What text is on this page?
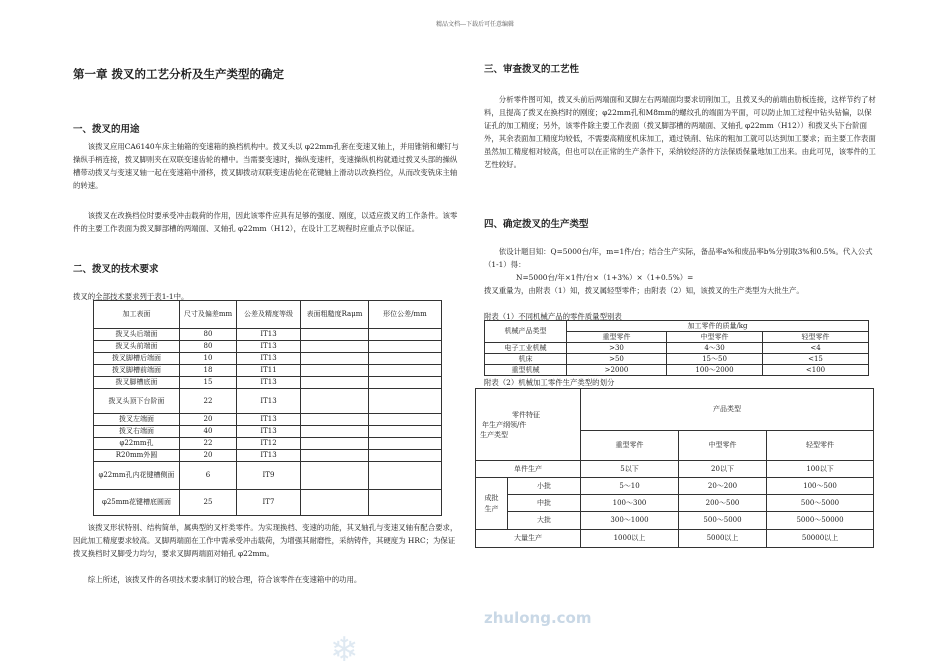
精品文档---下载后可任意编辑
第一章 拨叉的工艺分析及生产类型的确定
一、拨叉的用途
该拨叉应用CA6140车床主轴箱的变速箱的换档机构中。拨叉头以 φ22mm孔套在变速叉轴上，并用锥销和螺钉与操纵手柄连接，拨叉脚则夹在双联变速齿轮的槽中。当需要变速时，操纵变速杆，变速操纵机构就通过拨叉头部的操纵槽带动拨叉与变速叉轴一起在变速箱中滑移，拨叉脚拨动双联变速齿轮在花键轴上滑动以改换档位，从而改变铣床主轴的转速。
该拨叉在改换档位时要承受冲击载荷的作用，因此该零件应具有足够的强度、刚度，以适应拨叉的工作条件。该零件的主要工作表面为拨叉脚部槽的两端面、叉轴孔 φ22mm（H12），在设计工艺规程时应重点予以保证。
二、拨叉的技术要求
拨叉的全部技术要求列于表1-1中。
加工表面	尺寸及偏差mm	公差及精度等级	表面粗糙度Raμm	形位公差/mm
拨叉头后端面	80	IT13		
拨叉头前端面	80	IT13		
拨叉脚槽后端面	10	IT13		
拨叉脚槽前端面	18	IT11		
拨叉脚槽底面	15	IT13		
拨叉头顶下台阶面	22	IT13		
拨叉左端面	20	IT13		
拨叉右端面	40	IT13		
φ22mm孔	22	IT12		
R20mm外圆	20	IT13		
φ22mm孔内花键槽侧面	6	IT9		
φ25mm花键槽底圆面	25	IT7		
该拨叉形状特别、结构简单，属典型的叉杆类零件。为实现换档、变速的功能，其叉轴孔与变速叉轴有配合要求，因此加工精度要求较高。叉脚两端面在工作中需承受冲击载荷，为增强其耐磨性，采纳铸件，其硬度为 HRC；为保证拨叉换档时叉脚受力均匀，要求叉脚两端面对轴孔 φ22mm。
综上所述，该拨叉件的各项技术要求制订的较合理，符合该零件在变速箱中的功用。
三、审查拨叉的工艺性
分析零件图可知，拨叉头前后两端面和叉脚左右两端面均要求切削加工，且拨叉头的前端由肋板连接，这样节约了材料，且提高了拨叉在换档时的刚度；φ22mm孔和M8mm的螺纹孔的端面为平面，可以防止加工过程中钻头钻偏，以保证孔的加工精度；另外，该零件除主要工作表面（拨叉脚部槽的两端面、叉轴孔 φ22mm（H12））和拨叉头下台阶面外，其余表面加工精度均较低，不需要高精度机床加工，通过铣削、钻床的粗加工就可以达到加工要求；而主要工作表面虽然加工精度相对较高，但也可以在正常的生产条件下，采纳较经济的方法保质保量地加工出来。由此可见，该零件的工艺性较好。
四、确定拨叉的生产类型
依设计题目知：Q=5000台/年，m=1件/台；结合生产实际，备品率a%和废品率b%分别取3%和0.5%。代入公式（1-1）得：
N=5000台/年×1件/台×（1+3%）×（1+0.5%）=
拨叉重量为，由附表（1）知，拨叉属轻型零件；由附表（2）知，该拨叉的生产类型为大批生产。
附表（1）不同机械产品的零件质量型别表
机械产品类型	加工零件的质量/kg		
	重型零件	中型零件	轻型零件
电子工业机械	>30	4～30	<4
机床	>50	15～50	<15
重型机械	>2000	100～2000	<100
附表（2）机械加工零件生产类型的划分
零件特征
年生产纲领/件
生产类型		产品类型		
		重型零件	中型零件	轻型零件
单件生产		5以下	20以下	100以下
成批生产	小批	5～10	20～200	100～500
	中批	100～300	200～500	500～5000
	大批	300～1000	500～5000	5000～50000
大量生产		1000以上	5000以上	50000以上
zhulong.com
❄
